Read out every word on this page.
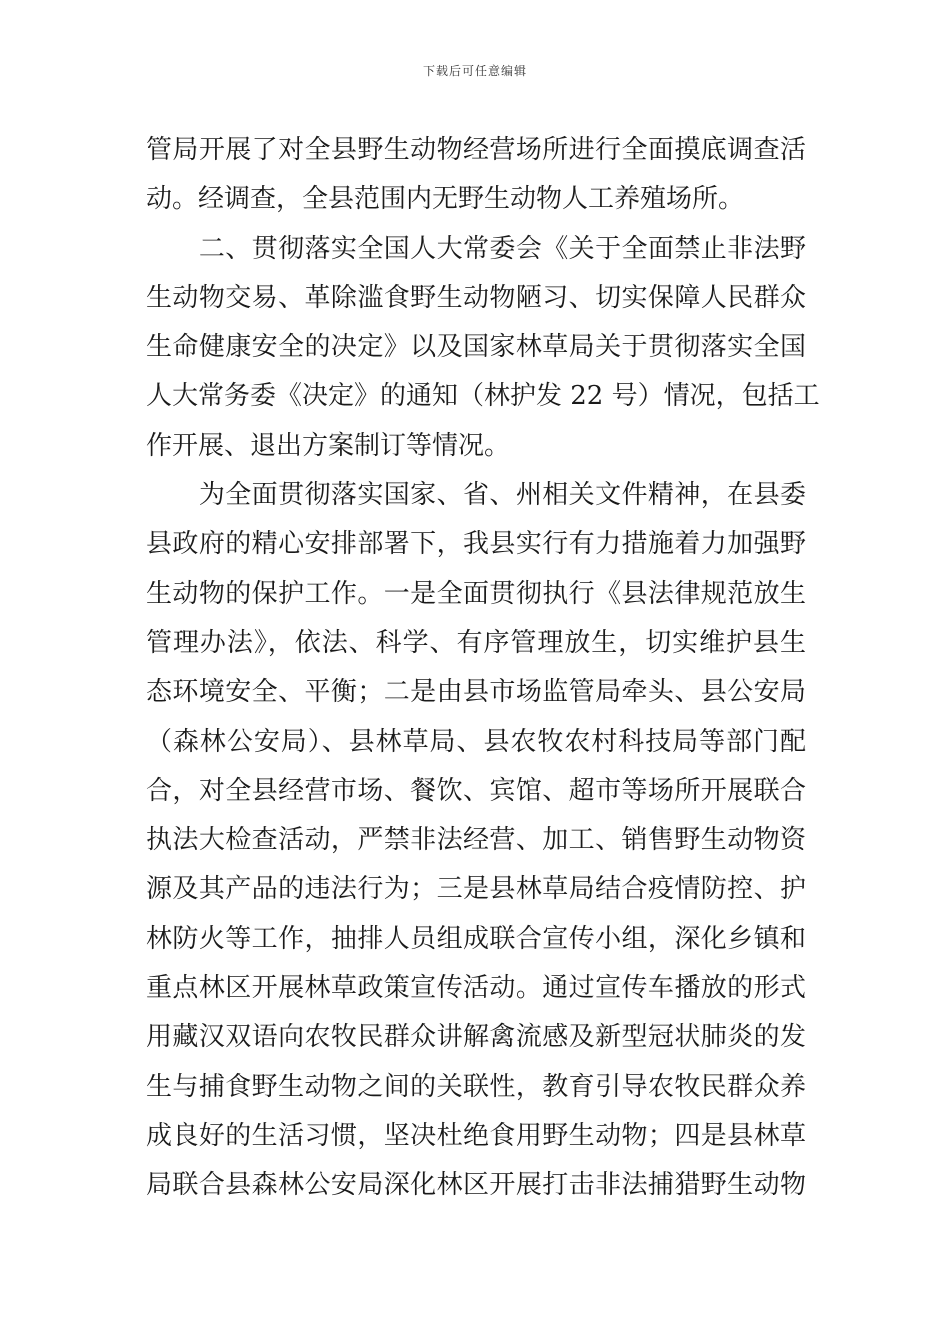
下载后可任意编辑
管局开展了对全县野生动物经营场所进行全面摸底调查活
动。经调查，全县范围内无野生动物人工养殖场所。
　　二、贯彻落实全国人大常委会《关于全面禁止非法野
生动物交易、革除滥食野生动物陋习、切实保障人民群众
生命健康安全的决定》以及国家林草局关于贯彻落实全国
人大常务委《决定》的通知（林护发 22 号）情况，包括工
作开展、退出方案制订等情况。
　　为全面贯彻落实国家、省、州相关文件精神，在县委
县政府的精心安排部署下，我县实行有力措施着力加强野
生动物的保护工作。一是全面贯彻执行《县法律规范放生
管理办法》，依法、科学、有序管理放生，切实维护县生
态环境安全、平衡；二是由县市场监管局牵头、县公安局
（森林公安局）、县林草局、县农牧农村科技局等部门配
合，对全县经营市场、餐饮、宾馆、超市等场所开展联合
执法大检查活动，严禁非法经营、加工、销售野生动物资
源及其产品的违法行为；三是县林草局结合疫情防控、护
林防火等工作，抽排人员组成联合宣传小组，深化乡镇和
重点林区开展林草政策宣传活动。通过宣传车播放的形式
用藏汉双语向农牧民群众讲解禽流感及新型冠状肺炎的发
生与捕食野生动物之间的关联性，教育引导农牧民群众养
成良好的生活习惯，坚决杜绝食用野生动物；四是县林草
局联合县森林公安局深化林区开展打击非法捕猎野生动物
